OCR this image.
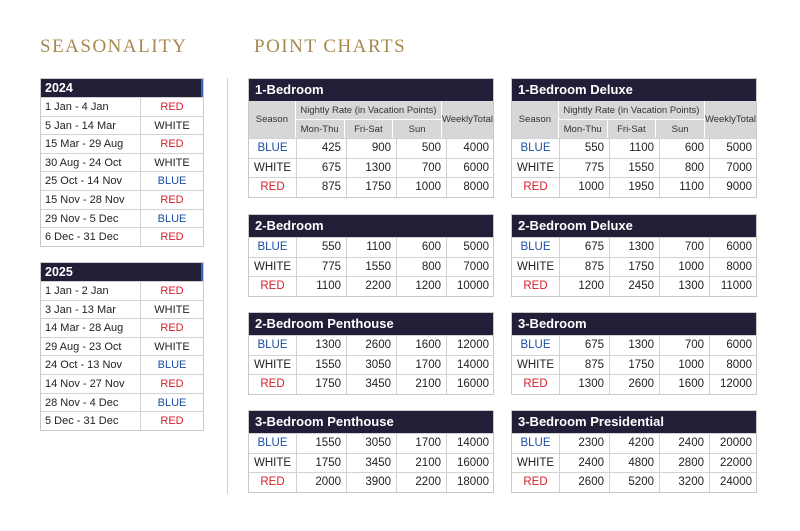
SEASONALITY	POINT CHARTS
2024
1 Jan - 4 Jan	RED
5 Jan - 14 Mar	WHITE
15 Mar - 29 Aug	RED
30 Aug - 24 Oct	WHITE
25 Oct - 14 Nov	BLUE
15 Nov - 28 Nov	RED
29 Nov - 5 Dec	BLUE
6 Dec - 31 Dec	RED
2025
1 Jan - 2 Jan	RED
3 Jan - 13 Mar	WHITE
14 Mar - 28 Aug	RED
29 Aug - 23 Oct	WHITE
24 Oct - 13 Nov	BLUE
14 Nov - 27 Nov	RED
28 Nov - 4 Dec	BLUE
5 Dec - 31 Dec	RED
1-Bedroom
Season
Nightly Rate (in Vacation Points)
Mon-Thu	Fri-Sat	Sun
Weekly Total
BLUE	425	900	500	4000
WHITE	675	1300	700	6000
RED	875	1750	1000	8000
1-Bedroom Deluxe
Season
Nightly Rate (in Vacation Points)
Mon-Thu	Fri-Sat	Sun
Weekly Total
BLUE	550	1100	600	5000
WHITE	775	1550	800	7000
RED	1000	1950	1100	9000
2-Bedroom
BLUE	550	1100	600	5000
WHITE	775	1550	800	7000
RED	1100	2200	1200	10000
2-Bedroom Deluxe
BLUE	675	1300	700	6000
WHITE	875	1750	1000	8000
RED	1200	2450	1300	11000
2-Bedroom Penthouse
BLUE	1300	2600	1600	12000
WHITE	1550	3050	1700	14000
RED	1750	3450	2100	16000
3-Bedroom
BLUE	675	1300	700	6000
WHITE	875	1750	1000	8000
RED	1300	2600	1600	12000
3-Bedroom Penthouse
BLUE	1550	3050	1700	14000
WHITE	1750	3450	2100	16000
RED	2000	3900	2200	18000
3-Bedroom Presidential
BLUE	2300	4200	2400	20000
WHITE	2400	4800	2800	22000
RED	2600	5200	3200	24000
